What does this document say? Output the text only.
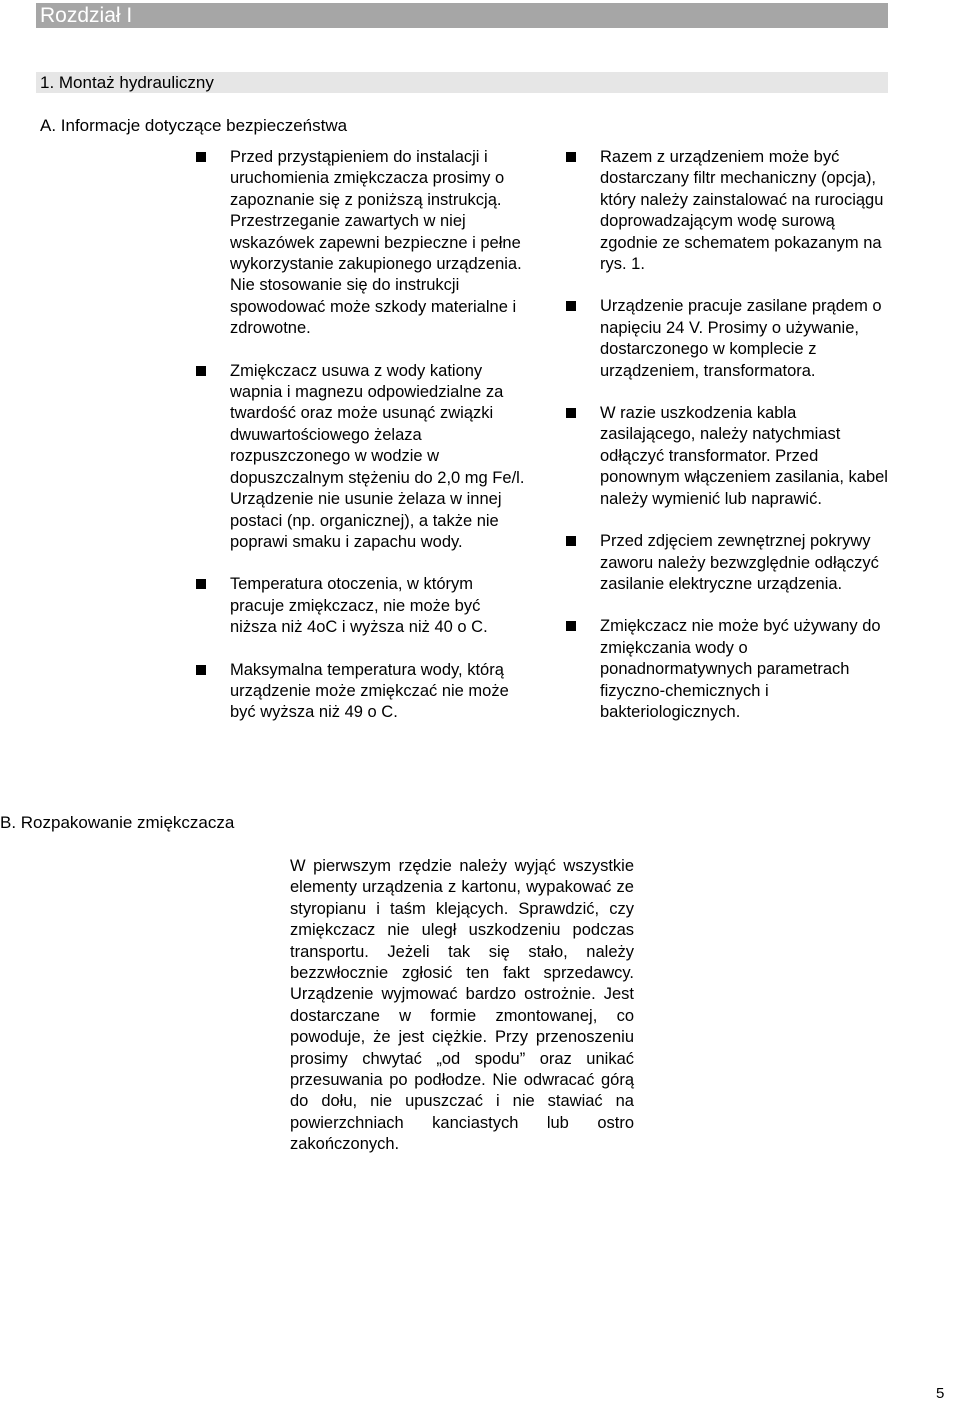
Rozdział I
1. Montaż hydrauliczny
A. Informacje dotyczące bezpieczeństwa
Przed przystąpieniem do instalacji i uruchomienia zmiękczacza prosimy o zapoznanie się z poniższą instrukcją. Przestrzeganie zawartych w niej wskazówek zapewni bezpieczne i pełne wykorzystanie zakupionego urządzenia. Nie stosowanie się do instrukcji spowodować może szkody materialne i zdrowotne.
Zmiękczacz usuwa z wody kationy wapnia i magnezu odpowiedzialne za twardość oraz może usunąć związki dwuwartościowego żelaza rozpuszczonego w wodzie w dopuszczalnym stężeniu do 2,0 mg Fe/l. Urządzenie nie usunie żelaza w innej postaci (np. organicznej), a także nie poprawi smaku i zapachu wody.
Temperatura otoczenia, w którym pracuje zmiękczacz, nie może być niższa niż 4oC i wyższa niż 40 o C.
Maksymalna temperatura wody, którą urządzenie może zmiękczać nie może być wyższa niż 49 o C.
Razem z urządzeniem może być dostarczany filtr mechaniczny (opcja), który należy zainstalować na rurociągu doprowadzającym wodę surową zgodnie ze schematem pokazanym na rys. 1.
Urządzenie pracuje zasilane prądem o napięciu 24 V. Prosimy o używanie, dostarczonego w komplecie z urządzeniem, transformatora.
W razie uszkodzenia kabla zasilającego, należy natychmiast odłączyć transformator. Przed ponownym włączeniem zasilania, kabel należy wymienić lub naprawić.
Przed zdjęciem zewnętrznej pokrywy zaworu należy bezwzględnie odłączyć zasilanie elektryczne urządzenia.
Zmiękczacz nie może być używany do zmiękczania wody o ponadnormatywnych parametrach fizyczno-chemicznych i bakteriologicznych.
B. Rozpakowanie zmiękczacza
W pierwszym rzędzie należy wyjąć wszystkie elementy urządzenia z kartonu, wypakować ze styropianu i taśm klejących. Sprawdzić, czy zmiękczacz nie uległ uszkodzeniu podczas transportu. Jeżeli tak się stało, należy bezzwłocznie zgłosić ten fakt sprzedawcy. Urządzenie wyjmować bardzo ostrożnie. Jest dostarczane w formie zmontowanej, co powoduje, że jest ciężkie. Przy przenoszeniu prosimy chwytać „od spodu” oraz unikać przesuwania po podłodze. Nie odwracać górą do dołu, nie upuszczać i nie stawiać na powierzchniach kanciastych lub ostro zakończonych.
5
